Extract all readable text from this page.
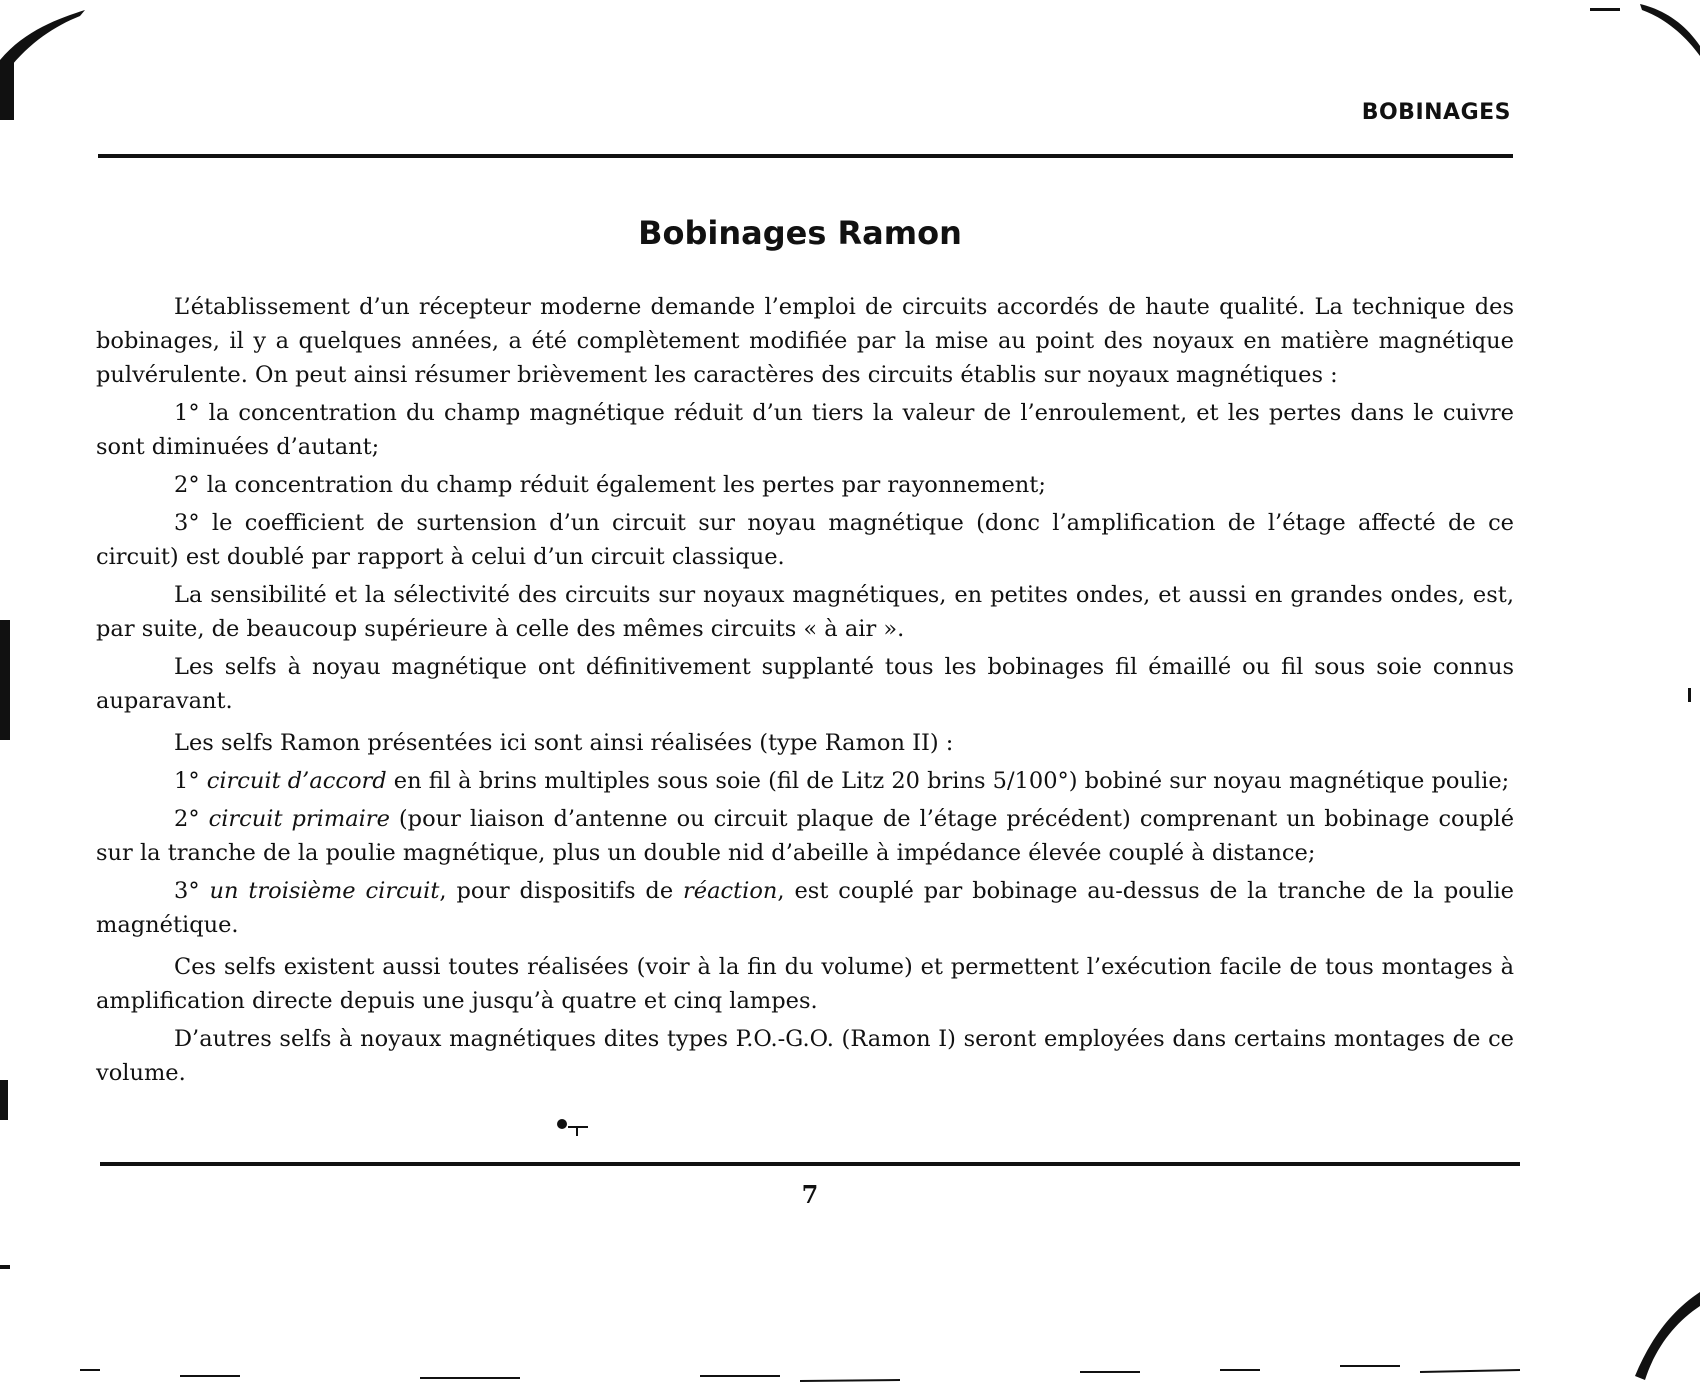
BOBINAGES
Bobinages Ramon

L’établissement d’un récepteur moderne demande l’emploi de circuits accordés de haute qualité. La technique des bobinages, il y a quelques années, a été complètement modifiée par la mise au point des noyaux en matière magnétique pulvérulente. On peut ainsi résumer brièvement les caractères des circuits établis sur noyaux magnétiques :

1° la concentration du champ magnétique réduit d’un tiers la valeur de l’enroulement, et les pertes dans le cuivre sont diminuées d’autant;

2° la concentration du champ réduit également les pertes par rayonnement;

3° le coefficient de surtension d’un circuit sur noyau magnétique (donc l’amplification de l’étage affecté de ce circuit) est doublé par rapport à celui d’un circuit classique.

La sensibilité et la sélectivité des circuits sur noyaux magnétiques, en petites ondes, et aussi en grandes ondes, est, par suite, de beaucoup supérieure à celle des mêmes circuits « à air ».

Les selfs à noyau magnétique ont définitivement supplanté tous les bobinages fil émaillé ou fil sous soie connus auparavant.

Les selfs Ramon présentées ici sont ainsi réalisées (type Ramon II) :

1° circuit d’accord en fil à brins multiples sous soie (fil de Litz 20 brins 5/100°) bobiné sur noyau magnétique poulie;

2° circuit primaire (pour liaison d’antenne ou circuit plaque de l’étage précédent) comprenant un bobinage couplé sur la tranche de la poulie magnétique, plus un double nid d’abeille à impédance élevée couplé à distance;

3° un troisième circuit, pour dispositifs de réaction, est couplé par bobinage au-dessus de la tranche de la poulie magnétique.

Ces selfs existent aussi toutes réalisées (voir à la fin du volume) et permettent l’exécution facile de tous montages à amplification directe depuis une jusqu’à quatre et cinq lampes.

D’autres selfs à noyaux magnétiques dites types P.O.-G.O. (Ramon I) seront employées dans certains montages de ce volume.

7
